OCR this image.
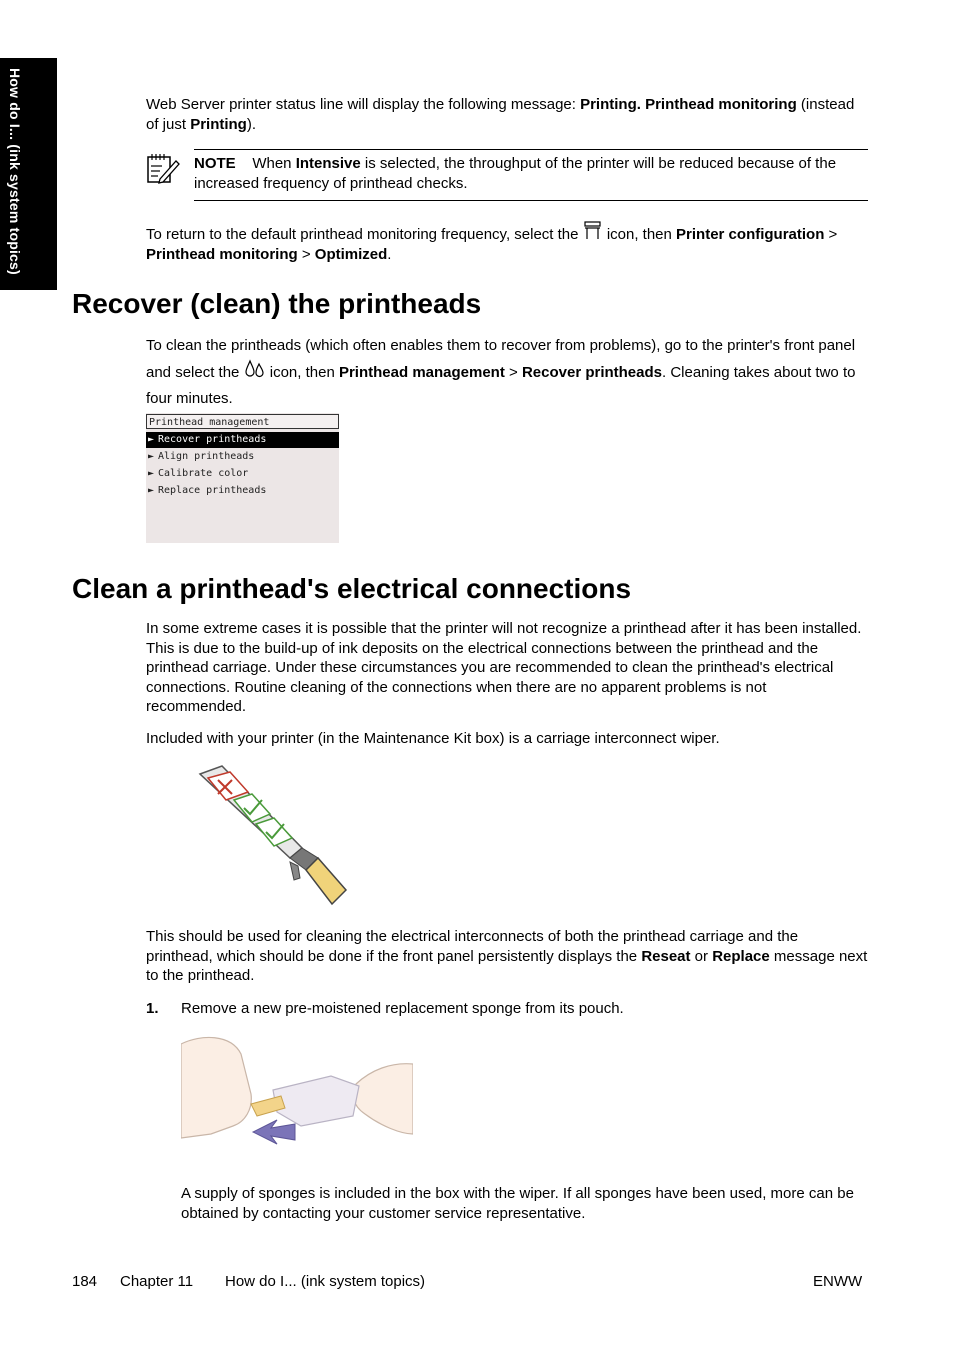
How do I... (ink system topics)	Web Server printer status line will display the following message: Printing. Printhead monitoring (instead of just Printing).
NOTE When Intensive is selected, the throughput of the printer will be reduced because of the increased frequency of printhead checks.
To return to the default printhead monitoring frequency, select the  icon, then Printer configuration > Printhead monitoring > Optimized.
Recover (clean) the printheads
To clean the printheads (which often enables them to recover from problems), go to the printer's front panel and select the  icon, then Printhead management > Recover printheads. Cleaning takes about two to four minutes.
Printhead management
► Recover printheads
► Align printheads
► Calibrate color
► Replace printheads
Clean a printhead's electrical connections
In some extreme cases it is possible that the printer will not recognize a printhead after it has been installed. This is due to the build-up of ink deposits on the electrical connections between the printhead and the printhead carriage. Under these circumstances you are recommended to clean the printhead's electrical connections. Routine cleaning of the connections when there are no apparent problems is not recommended.
Included with your printer (in the Maintenance Kit box) is a carriage interconnect wiper.
This should be used for cleaning the electrical interconnects of both the printhead carriage and the printhead, which should be done if the front panel persistently displays the Reseat or Replace message next to the printhead.
1. Remove a new pre-moistened replacement sponge from its pouch.
A supply of sponges is included in the box with the wiper. If all sponges have been used, more can be obtained by contacting your customer service representative.
184 Chapter 11 How do I... (ink system topics)	ENWW
